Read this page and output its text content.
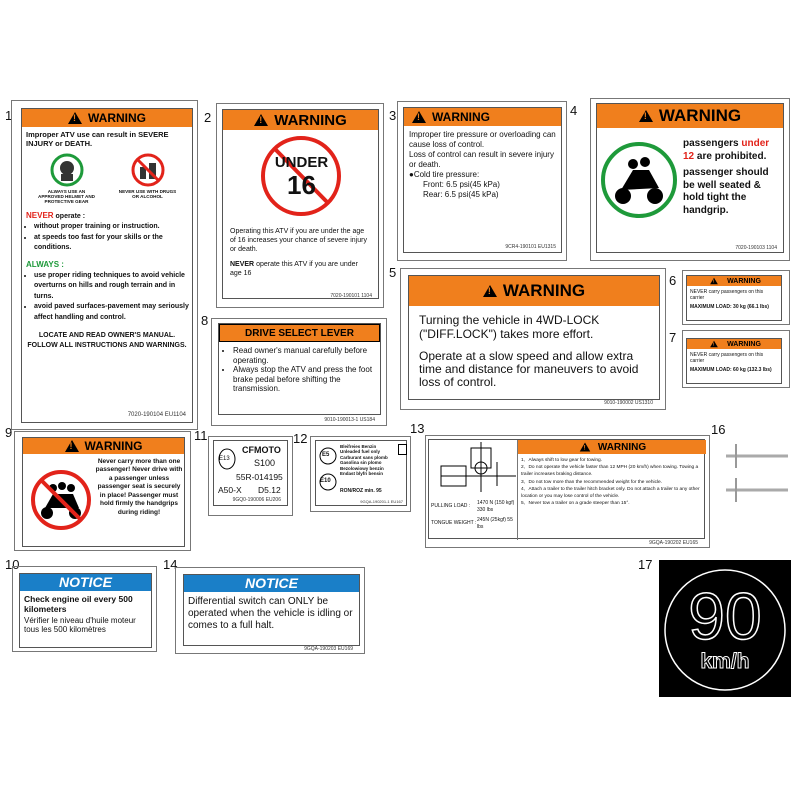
1	2	3	4
5
6
7
8
9
10
11	12
13
14
16
17
!
WARNING
Improper ATV use can result in SEVERE INJURY or DEATH.
ALWAYS USE AN APPROVED HELMET AND PROTECTIVE GEAR
NEVER USE WITH DRUGS OR ALCOHOL
NEVER operate :
• without proper training or instruction.
• at speeds too fast for your skills or the conditions.
ALWAYS :
• use proper riding techniques to avoid vehicle overturns on hills and rough terrain and in turns.
• avoid paved surfaces-pavement may seriously affect handling and control.
LOCATE AND READ OWNER'S MANUAL. FOLLOW ALL INSTRUCTIONS AND WARNINGS.
7020-190104 EU1104
!
WARNING
UNDER
16
Operating this ATV if you are under the age of 16 increases your chance of severe injury or death.
NEVER operate this ATV if you are under age 16
7020-190101 1104
!
WARNING
Improper tire pressure or overloading can cause loss of control.
Loss of control can result in severe injury or death.
●Cold tire pressure:
Front: 6.5 psi(45 kPa)
Rear: 6.5 psi(45 kPa)
9CR4-190101 EU1315
!
WARNING
passengers under
12 are prohibited.
passenger should be well seated & hold tight the handgrip.
7020-190103 1104
!
WARNING
Turning the vehicle in 4WD-LOCK ("DIFF.LOCK") takes more effort.
Operate at a slow speed and allow extra time and distance for maneuvers to avoid loss of control.
9010-190002 US1310
!
WARNING
NEVER carry passengers on this carrier
MAXIMUM LOAD: 30 kg (66.1 lbs)
!
WARNING
NEVER carry passengers on this carrier
MAXIMUM LOAD: 60 kg (132.3 lbs)
DRIVE SELECT LEVER
• Read owner's manual carefully before operating.
• Always stop the ATV and press the foot brake pedal before shifting the transmission.
9010-190013-1 US184
!
WARNING
Never carry more than one passenger! Never drive with a passenger unless passenger seat is securely in place! Passenger must hold firmly the handgrips during riding!
NOTICE
Check engine oil every 500 kilometers
Vérifier le niveau d'huile moteur tous les 500 kilomètres
E13
CFMOTO
S100
55R-014195
A50-X D5.12
9GQ0-190006 EU206
E5
E10
Bleifreies Benzin Unleaded fuel only Carburant sans plomb Gasolina sin plomo Bezolowiowy benzin Endast blyfri bensin
RON/ROZ min. 95
9GQA-190201-1 EU167
PULLING LOAD : 1470 N (150 kgf) 330 lbs
TONGUE WEIGHT : 245N (25kgf) 55 lbs
!
WARNING
1、Always shift to low gear for towing.
2、Do not operate the vehicle faster than 12 MPH (20 km/h) when towing. Towing a trailer increases braking distance.
3、Do not tow more than the recommended weight for the vehicle.
4、Attach a trailer to the trailer hitch bracket only. Do not attach a trailer to any other location or you may lose control of the vehicle.
5、Never tow a trailer on a grade steeper than 15°.
9GQA-190202 EU165
NOTICE
Differential switch can ONLY be operated when the vehicle is idling or comes to a full halt.
9GQA-190203 EU169	90
km/h
